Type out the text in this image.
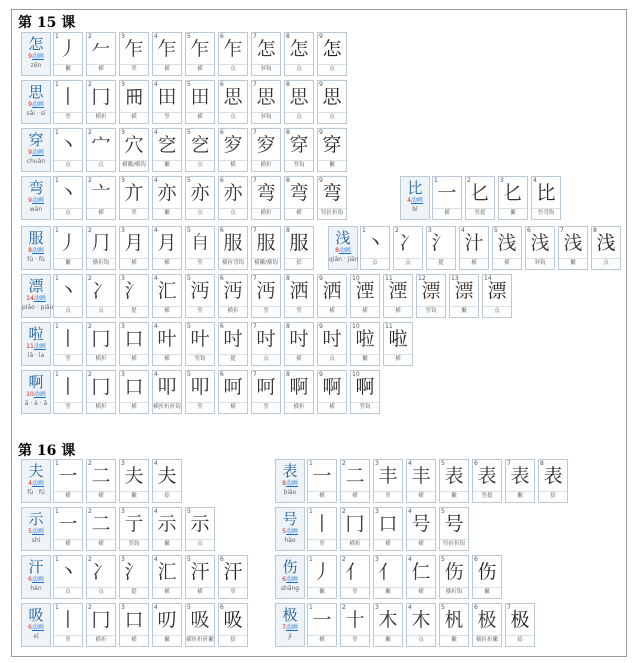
第 15 课
怎
9动画
zěn
1
丿
撇
2
𠂉
横
3
乍
竖
4
乍
横
5
乍
横
6
乍
点
7
怎
斜钩
8
怎
点
9
怎
点
思
9动画
sāi · sī
1
丨
竖
2
冂
横折
3
𠕁
横
4
田
竖
5
田
横
6
思
点
7
思
斜钩
8
思
点
9
思
点
穿
9动画
chuān
1
丶
点
2
宀
点
3
穴
横撇/横钩
4
穵
撇
5
穵
点
6
穸
横
7
穸
横折
8
穿
竖钩
9
穿
撇
弯
9动画
wān
1
丶
点
2
亠
横
3
亣
竖
4
亦
撇
5
亦
点
6
亦
点
7
弯
横折
8
弯
横
9
弯
竖折折钩
比
4动画
bǐ
1
一
横
2
𠤎
竖提
3
𠤎
撇
4
比
竖弯钩
服
8动画
fú · fù
1
丿
撇
2
⺆
横折钩
3
月
横
4
月
横
5
𣍝
竖
6
服
横折弯钩
7
服
横撇/横钩
8
服
捺
浅
8动画
qiǎn · jiān
1
丶
点
2
冫
点
3
氵
提
4
汁
横
5
浅
横
6
浅
斜钩
7
浅
撇
8
浅
点
漂
14动画
piāo · piǎo
1
丶
点
2
冫
点
3
氵
提
4
汇
横
5
沔
竖
6
沔
横折
7
沔
竖
8
洒
竖
9
洒
横
10
湮
横
11
湮
横
12
漂
竖钩
13
漂
撇
14
漂
点
啦
11动画
lā · la
1
丨
竖
2
冂
横折
3
口
横
4
叶
横
5
叶
竖钩
6
吋
提
7
吋
点
8
吋
横
9
吋
点
10
啦
撇
11
啦
横
啊
10动画
ā · á · ǎ
1
丨
竖
2
冂
横折
3
口
横
4
叩
横折折折钩
5
叩
竖
6
呵
横
7
呵
竖
8
啊
横折
9
啊
横
10
啊
竖钩
第 16 课
夫
4动画
fū · fú
1
一
横
2
二
横
3
夫
撇
4
夫
捺
表
8动画
biǎo
1
一
横
2
二
横
3
丰
竖
4
丰
横
5
表
撇
6
表
竖提
7
表
撇
8
表
捺
示
5动画
shì
1
一
横
2
二
横
3
亍
竖钩
4
示
撇
5
示
点
号
5动画
hào
1
丨
竖
2
冂
横折
3
口
横
4
号
横
5
号
竖折折钩
汗
6动画
hàn
1
丶
点
2
冫
点
3
氵
提
4
汇
横
5
汗
横
6
汗
竖
伤
6动画
shāng
1
丿
撇
2
亻
竖
3
亻
撇
4
仁
横
5
伤
横折钩
6
伤
撇
吸
6动画
xī
1
丨
竖
2
冂
横折
3
口
横
4
叨
撇
5
吸
横折折折撇
6
吸
捺
极
7动画
jí
1
一
横
2
十
竖
3
木
撇
4
木
点
5
杋
撇
6
极
横折折撇
7
极
捺
